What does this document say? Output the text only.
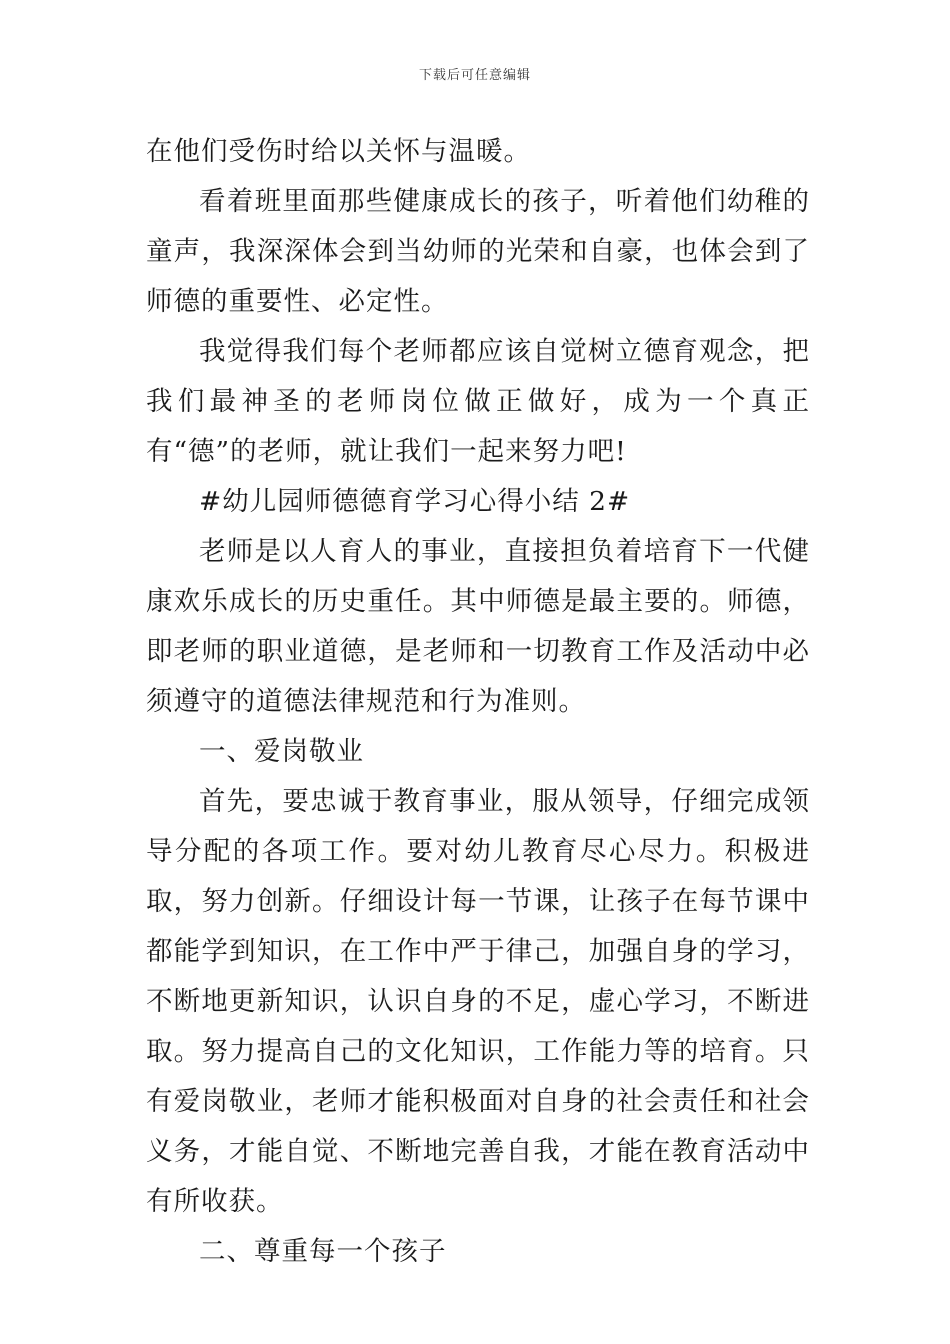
下载后可任意编辑

在他们受伤时给以关怀与温暖。

看着班里面那些健康成长的孩子，听着他们幼稚的童声，我深深体会到当幼师的光荣和自豪，也体会到了师德的重要性、必定性。

我觉得我们每个老师都应该自觉树立德育观念，把我们最神圣的老师岗位做正做好，成为一个真正有“德”的老师，就让我们一起来努力吧!

#幼儿园师德德育学习心得小结 2#

老师是以人育人的事业，直接担负着培育下一代健康欢乐成长的历史重任。其中师德是最主要的。师德，即老师的职业道德，是老师和一切教育工作及活动中必须遵守的道德法律规范和行为准则。

一、爱岗敬业

首先，要忠诚于教育事业，服从领导，仔细完成领导分配的各项工作。要对幼儿教育尽心尽力。积极进取，努力创新。仔细设计每一节课，让孩子在每节课中都能学到知识，在工作中严于律己，加强自身的学习，不断地更新知识，认识自身的不足，虚心学习，不断进取。努力提高自己的文化知识，工作能力等的培育。只有爱岗敬业，老师才能积极面对自身的社会责任和社会义务，才能自觉、不断地完善自我，才能在教育活动中有所收获。

二、尊重每一个孩子
